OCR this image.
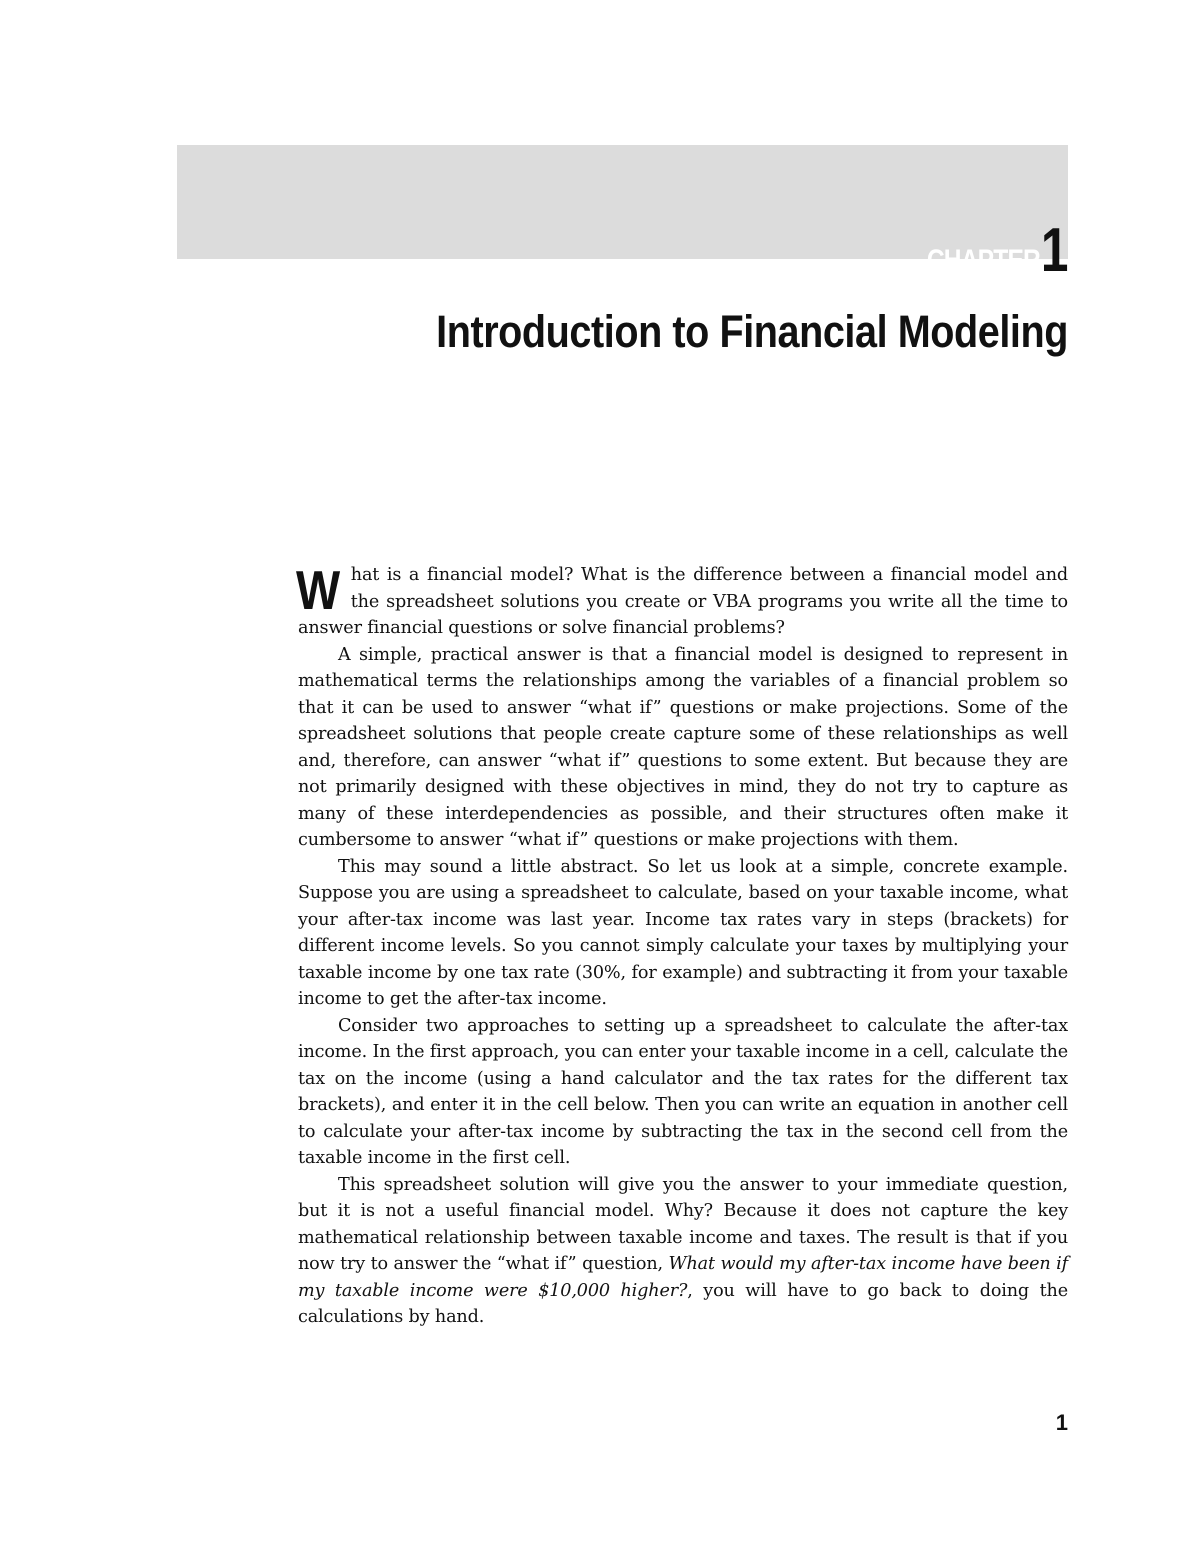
CHAPTER 1
Introduction to Financial Modeling

What is a financial model? What is the difference between a financial model and the spreadsheet solutions you create or VBA programs you write all the time to answer financial questions or solve financial problems?

A simple, practical answer is that a financial model is designed to represent in mathematical terms the relationships among the variables of a financial problem so that it can be used to answer “what if” questions or make projections. Some of the spreadsheet solutions that people create capture some of these relationships as well and, therefore, can answer “what if” questions to some extent. But because they are not primarily designed with these objectives in mind, they do not try to capture as many of these interdependencies as possible, and their structures often make it cumbersome to answer “what if” questions or make projections with them.

This may sound a little abstract. So let us look at a simple, concrete example. Suppose you are using a spreadsheet to calculate, based on your taxable income, what your after-tax income was last year. Income tax rates vary in steps (brackets) for different income levels. So you cannot simply calculate your taxes by multiplying your taxable income by one tax rate (30%, for example) and subtracting it from your taxable income to get the after-tax income.

Consider two approaches to setting up a spreadsheet to calculate the after-tax income. In the first approach, you can enter your taxable income in a cell, calculate the tax on the income (using a hand calculator and the tax rates for the different tax brackets), and enter it in the cell below. Then you can write an equation in another cell to calculate your after-tax income by subtracting the tax in the second cell from the taxable income in the first cell.

This spreadsheet solution will give you the answer to your immediate question, but it is not a useful financial model. Why? Because it does not capture the key mathematical relationship between taxable income and taxes. The result is that if you now try to answer the “what if” question, What would my after-tax income have been if my taxable income were $10,000 higher?, you will have to go back to doing the calculations by hand.

1
